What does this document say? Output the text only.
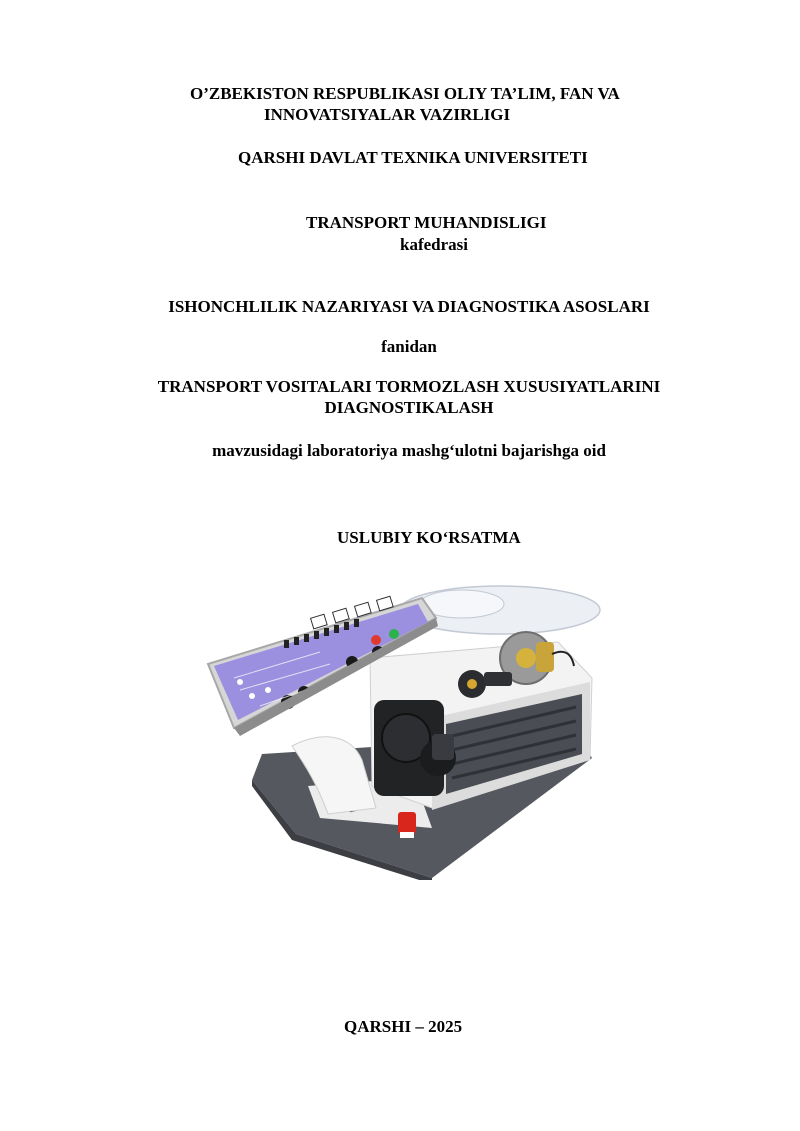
O’ZBEKISTON RESPUBLIKASI OLIY TA’LIM, FAN VA
INNOVATSIYALAR VAZIRLIGI
QARSHI DAVLAT TEXNIKA UNIVERSITETI
TRANSPORT MUHANDISLIGI
kafedrasi
ISHONCHLILIK NAZARIYASI VA DIAGNOSTIKA ASOSLARI
fanidan
TRANSPORT VOSITALARI TORMOZLASH XUSUSIYATLARINI
DIAGNOSTIKALASH
mavzusidagi laboratoriya mashg‘ulotni bajarishga oid
USLUBIY KO‘RSATMA
QARSHI – 2025
